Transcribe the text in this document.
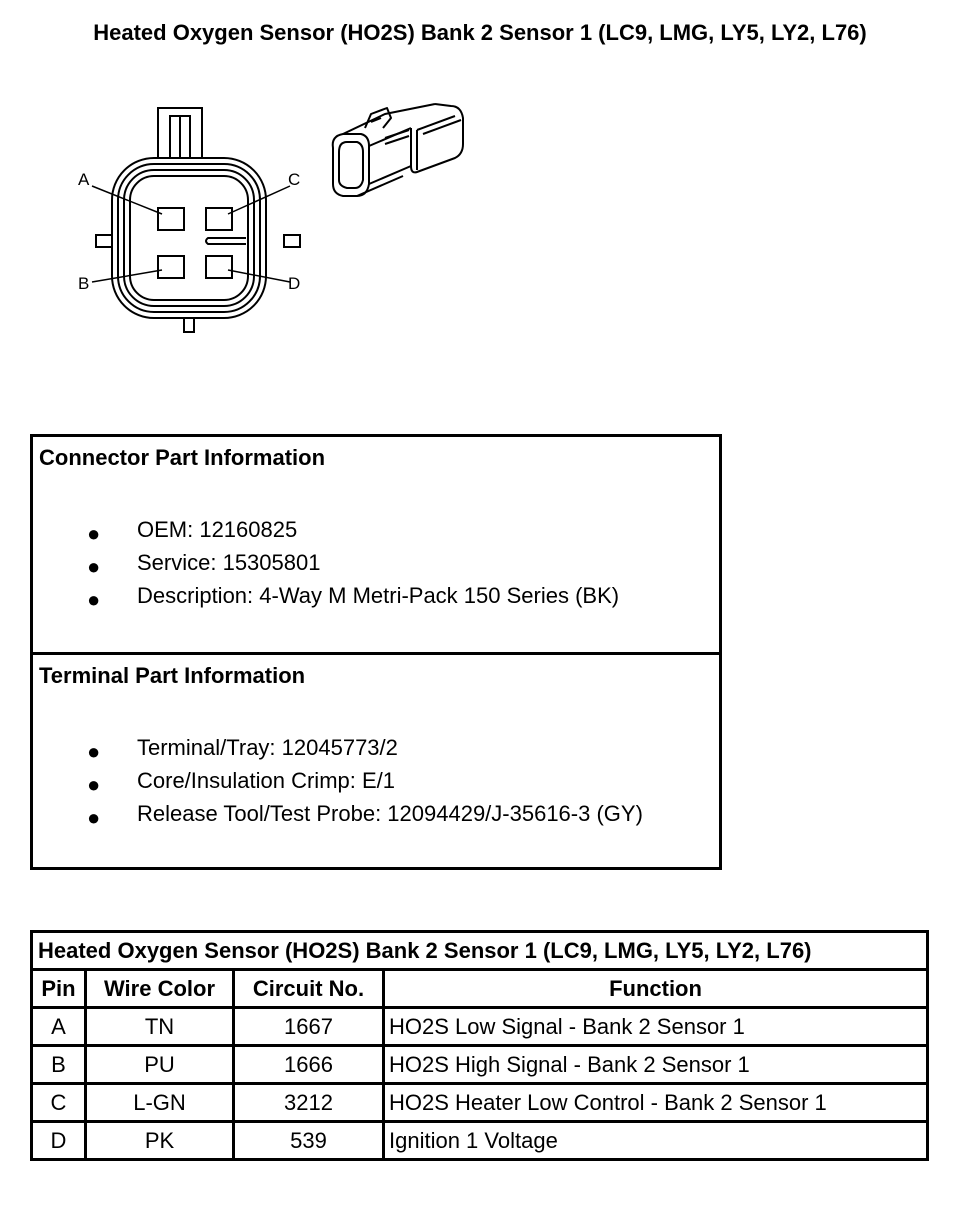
Heated Oxygen Sensor (HO2S) Bank 2 Sensor 1 (LC9, LMG, LY5, LY2, L76)
A	C
B	D
Connector Part Information
● OEM: 12160825
● Service: 15305801
● Description: 4-Way M Metri-Pack 150 Series (BK)
Terminal Part Information
● Terminal/Tray: 12045773/2
● Core/Insulation Crimp: E/1
● Release Tool/Test Probe: 12094429/J-35616-3 (GY)
Heated Oxygen Sensor (HO2S) Bank 2 Sensor 1 (LC9, LMG, LY5, LY2, L76)			
Pin	Wire Color	Circuit No.	Function
A	TN	1667	HO2S Low Signal - Bank 2 Sensor 1
B	PU	1666	HO2S High Signal - Bank 2 Sensor 1
C	L-GN	3212	HO2S Heater Low Control - Bank 2 Sensor 1
D	PK	539	Ignition 1 Voltage
